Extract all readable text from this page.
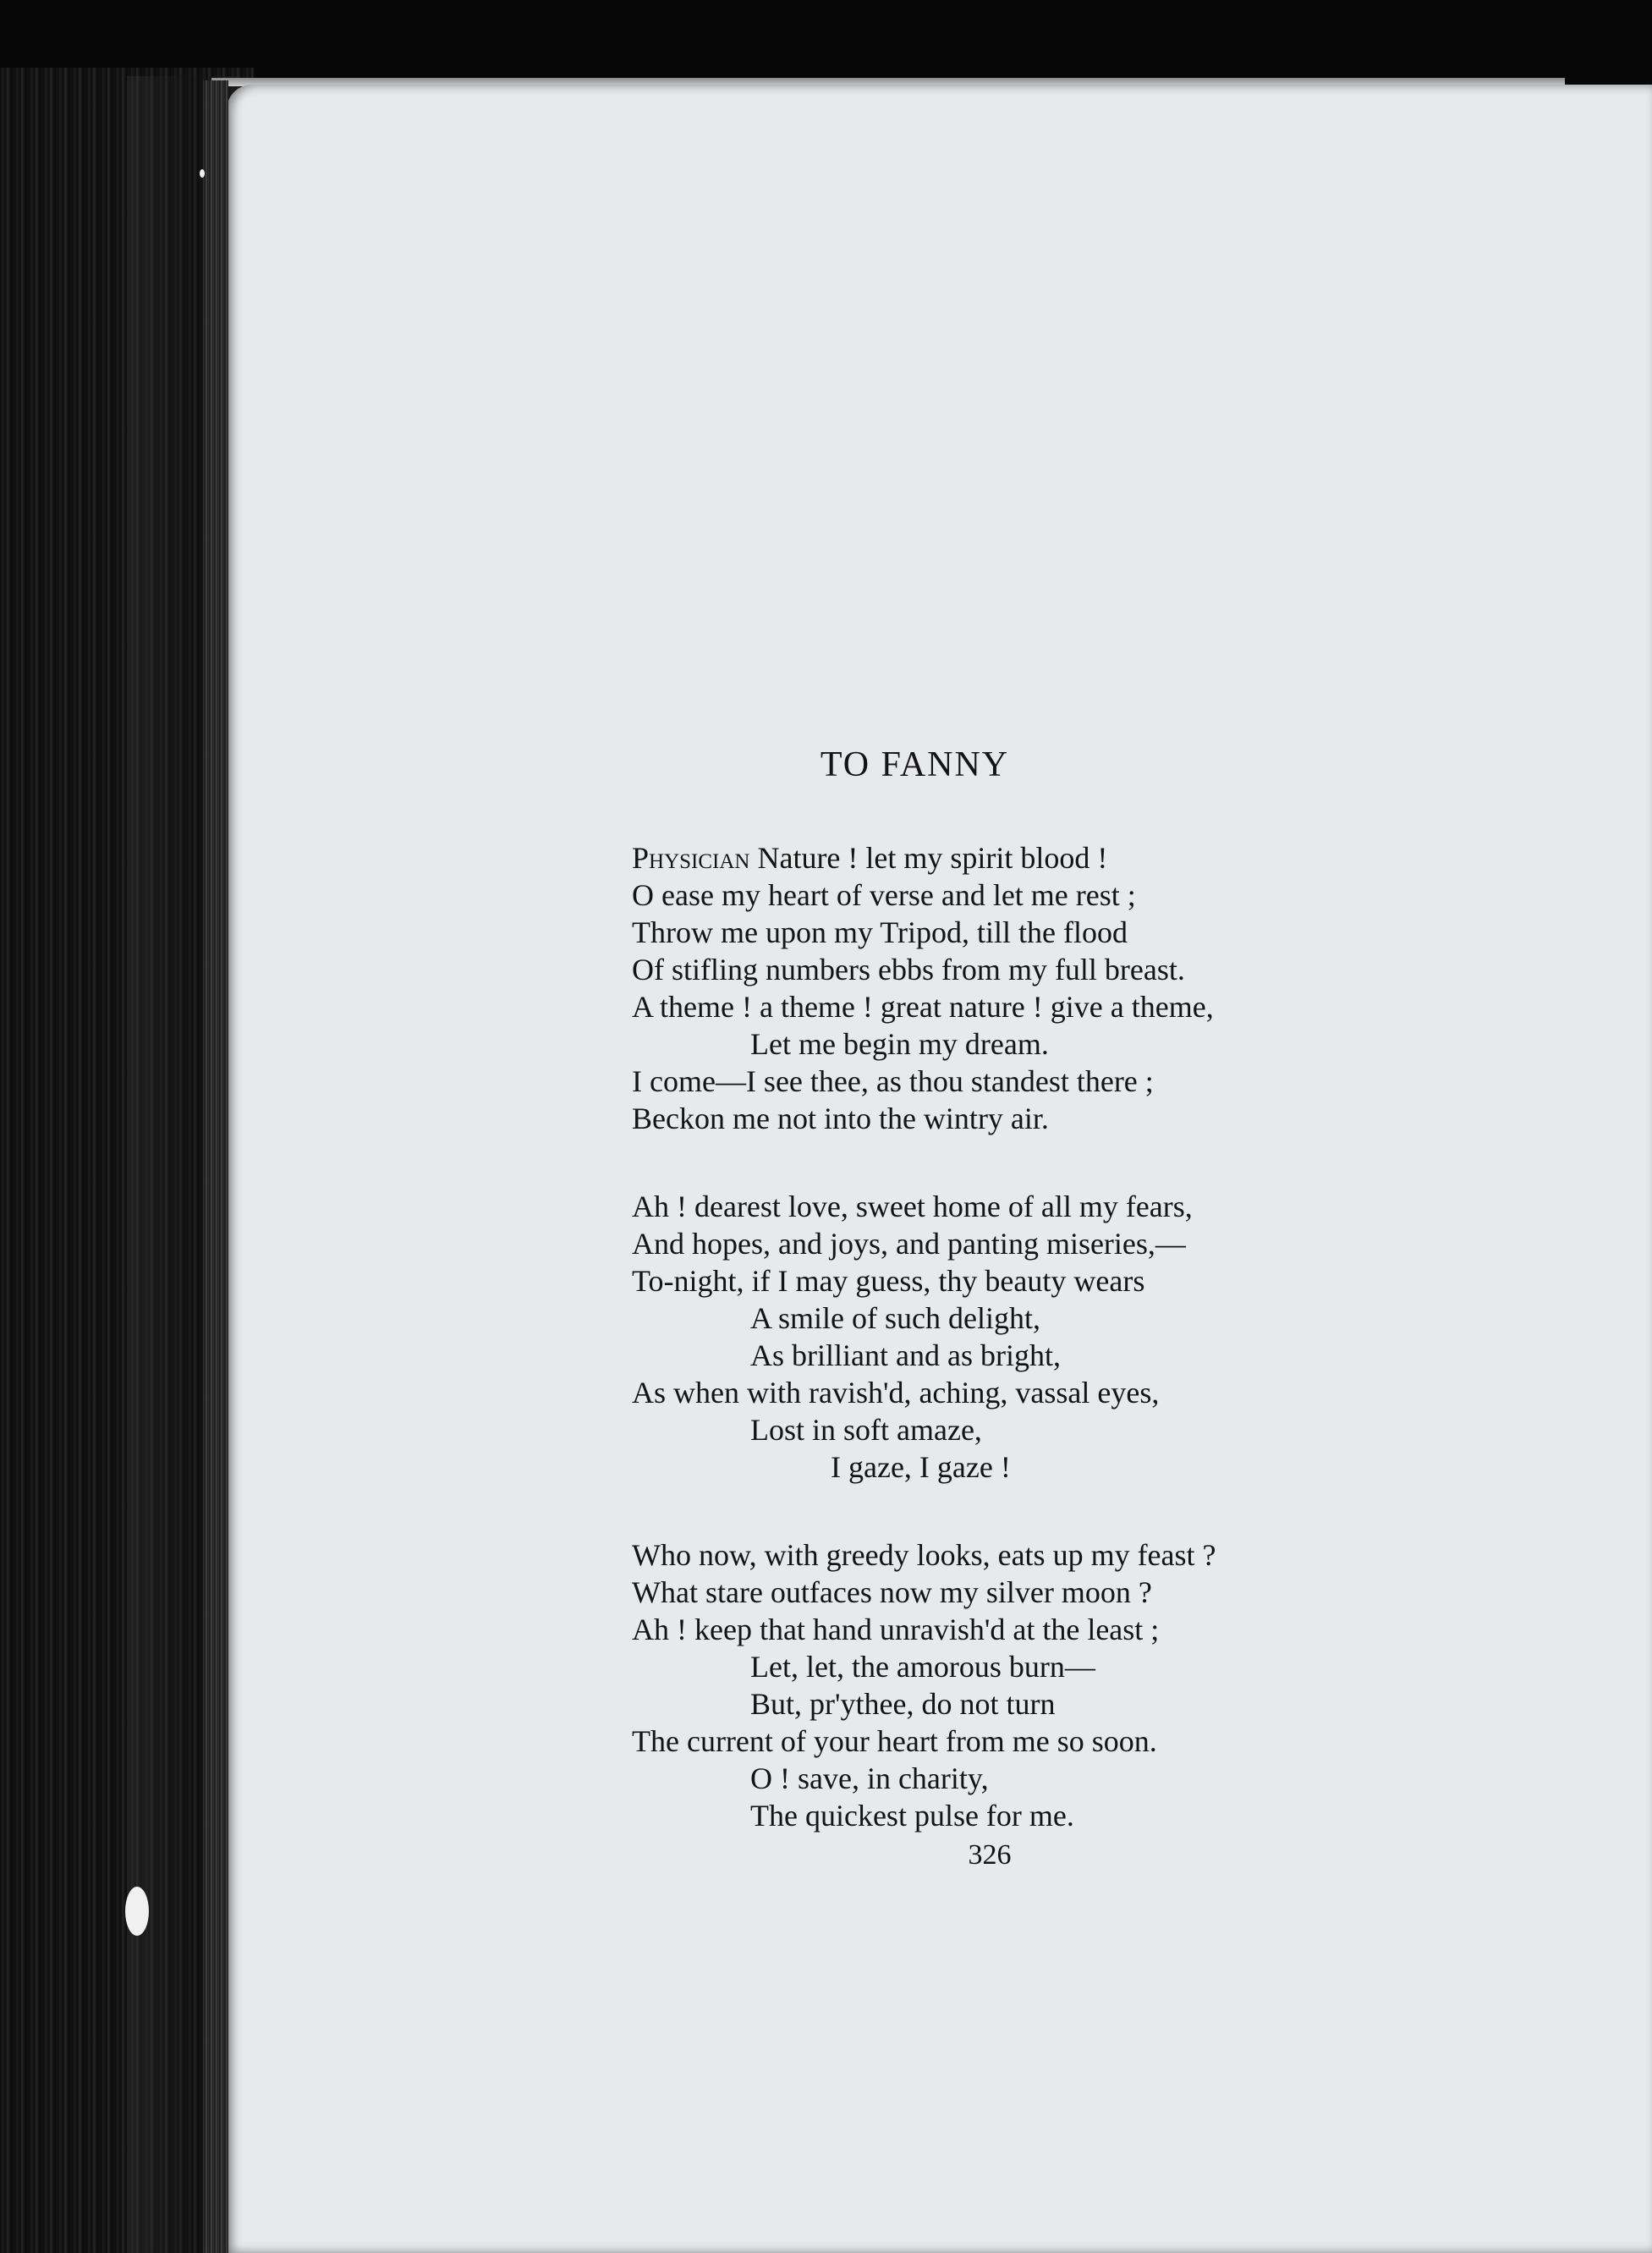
TO FANNY
Physician Nature ! let my spirit blood !
O ease my heart of verse and let me rest ;
Throw me upon my Tripod, till the flood
Of stifling numbers ebbs from my full breast.
A theme ! a theme ! great nature ! give a theme,
Let me begin my dream.
I come—I see thee, as thou standest there ;
Beckon me not into the wintry air.
Ah ! dearest love, sweet home of all my fears,
And hopes, and joys, and panting miseries,—
To-night, if I may guess, thy beauty wears
A smile of such delight,
As brilliant and as bright,
As when with ravish'd, aching, vassal eyes,
Lost in soft amaze,
I gaze, I gaze !
Who now, with greedy looks, eats up my feast ?
What stare outfaces now my silver moon ?
Ah ! keep that hand unravish'd at the least ;
Let, let, the amorous burn—
But, pr'ythee, do not turn
The current of your heart from me so soon.
O ! save, in charity,
The quickest pulse for me.
326
